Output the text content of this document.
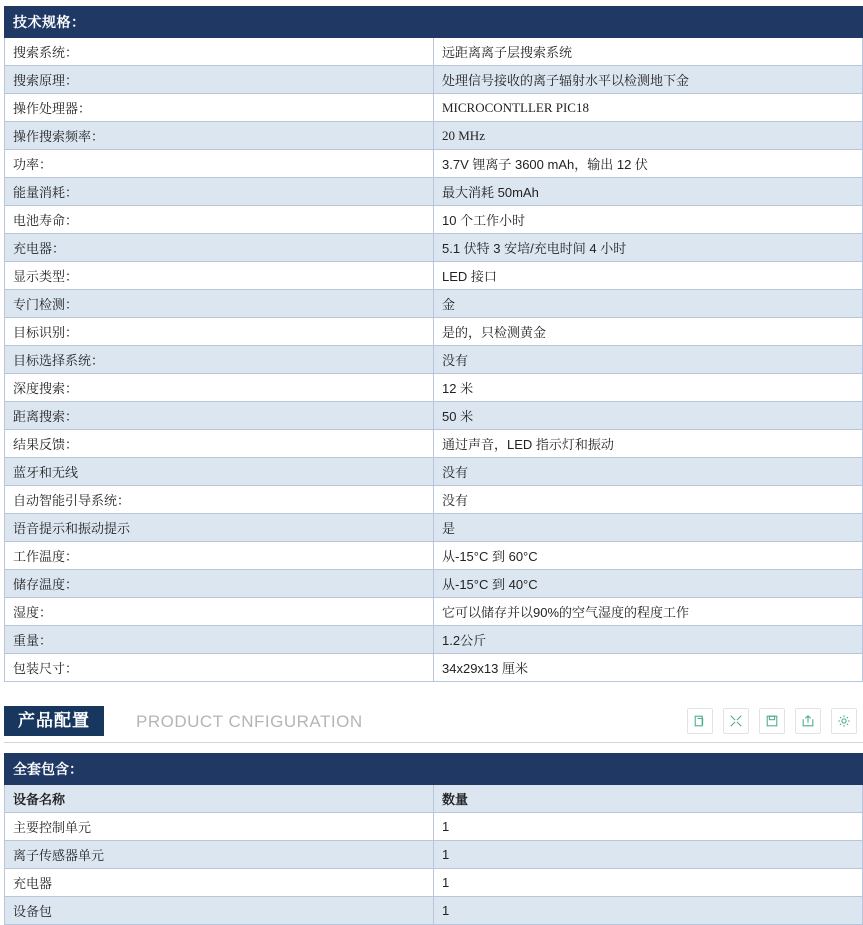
技术规格：	
搜索系统：	远距离离子层搜索系统
搜索原理：	处理信号接收的离子辐射水平以检测地下金
操作处理器：	MICROCONTLLER PIC18
操作搜索频率：	20 MHz
功率：	3.7V 锂离子 3600 mAh，输出 12 伏
能量消耗：	最大消耗 50mAh
电池寿命：	10 个工作小时
充电器：	5.1 伏特 3 安培/充电时间 4 小时
显示类型：	LED 接口
专门检测：	金
目标识别：	是的，只检测黄金
目标选择系统：	没有
深度搜索：	12 米
距离搜索：	50 米
结果反馈：	通过声音，LED 指示灯和振动
蓝牙和无线	没有
自动智能引导系统：	没有
语音提示和振动提示	是
工作温度：	从-15°C 到 60°C
储存温度：	从-15°C 到 40°C
湿度：	它可以储存并以90%的空气湿度的程度工作
重量：	1.2公斤
包装尺寸：	34x29x13 厘米
产品配置	PRODUCT CNFIGURATION
全套包含：	
设备名称	数量
主要控制单元	1
离子传感器单元	1
充电器	1
设备包	1
